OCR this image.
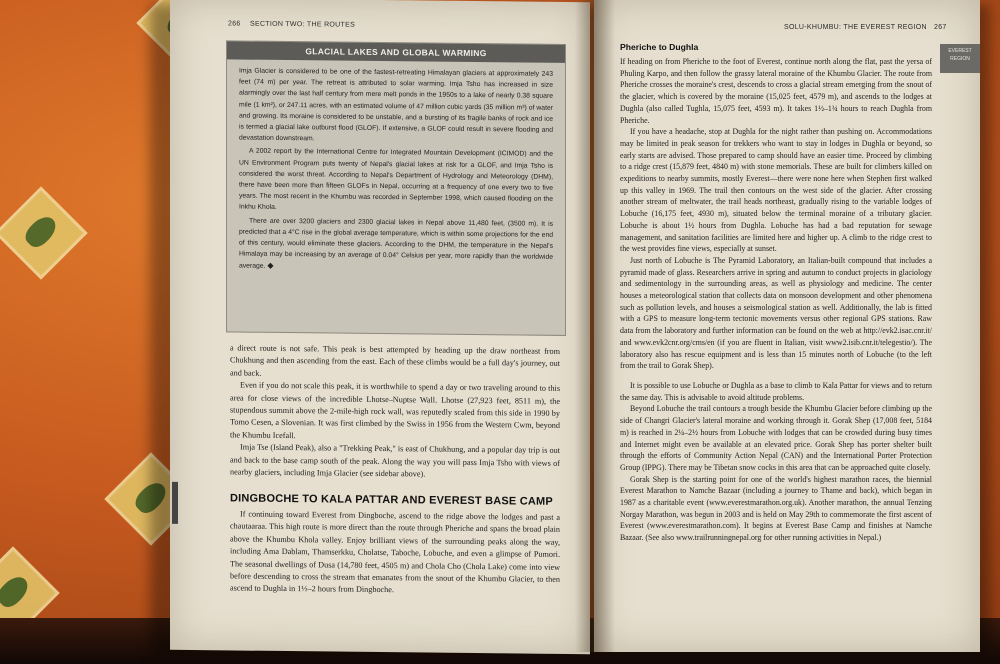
266 SECTION TWO: THE ROUTES
GLACIAL LAKES AND GLOBAL WARMING

Imja Glacier is considered to be one of the fastest-retreating Himalayan glaciers at approximately 243 feet (74 m) per year. The retreat is attributed to solar warming. Imja Tsho has increased in size alarmingly over the last half century from mere melt ponds in the 1950s to a lake of nearly 0.38 square mile (1 km²), or 247.11 acres, with an estimated volume of 47 million cubic yards (35 million m³) of water and growing. Its moraine is considered to be unstable, and a bursting of its fragile banks of rock and ice is termed a glacial lake outburst flood (GLOF). If extensive, a GLOF could result in severe flooding and devastation downstream.

A 2002 report by the International Centre for Integrated Mountain Development (ICIMOD) and the UN Environment Program puts twenty of Nepal's glacial lakes at risk for a GLOF, and Imja Tsho is considered the worst threat. According to Nepal's Department of Hydrology and Meteorology (DHM), there have been more than fifteen GLOFs in Nepal, occurring at a frequency of one every two to five years. The most recent in the Khumbu was recorded in September 1998, which caused flooding on the Inkhu Khola.

There are over 3200 glaciers and 2300 glacial lakes in Nepal above 11,480 feet, (3500 m). It is predicted that a 4°C rise in the global average temperature, which is within some projections for the end of this century, would eliminate these glaciers. According to the DHM, the temperature in the Nepal's Himalaya may be increasing by an average of 0.04° Celsius per year, more rapidly than the worldwide average. ◆

a direct route is not safe. This peak is best attempted by heading up the draw northeast from Chukhung and then ascending from the east. Each of these climbs would be a full day's journey, out and back.

Even if you do not scale this peak, it is worthwhile to spend a day or two traveling around to this area for close views of the incredible Lhotse–Nuptse Wall. Lhotse (27,923 feet, 8511 m), the stupendous summit above the 2-mile-high rock wall, was reputedly scaled from this side in 1990 by Tomo Cesen, a Slovenian. It was first climbed by the Swiss in 1956 from the Western Cwm, beyond the Khumbu Icefall.

Imja Tse (Island Peak), also a "Trekking Peak," is east of Chukhung, and a popular day trip is out and back to the base camp south of the peak. Along the way you will pass Imja Tsho with views of nearby glaciers, including Imja Glacier (see sidebar above).

DINGBOCHE TO KALA PATTAR AND EVEREST BASE CAMP

If continuing toward Everest from Dingboche, ascend to the ridge above the lodges and past a chautaaraa. This high route is more direct than the route through Pheriche and spans the broad plain above the Khumbu Khola valley. Enjoy brilliant views of the surrounding peaks along the way, including Ama Dablam, Thamserkku, Cholatse, Taboche, Lobuche, and even a glimpse of Pumori. The seasonal dwellings of Dusa (14,780 feet, 4505 m) and Chola Cho (Chola Lake) come into view before descending to cross the stream that emanates from the snout of the Khumbu Glacier, to then ascend to Dughla in 1½–2 hours from Dingboche.

SOLU-KHUMBU: THE EVEREST REGION 267
EVEREST REGION
Pheriche to Dughla

If heading on from Pheriche to the foot of Everest, continue north along the flat, past the yersa of Phuling Karpo, and then follow the grassy lateral moraine of the Khumbu Glacier. The route from Pheriche crosses the moraine's crest, descends to cross a glacial stream emerging from the snout of the glacier, which is covered by the moraine (15,025 feet, 4579 m), and ascends to the lodges at Dughla (also called Tughla, 15,075 feet, 4593 m). It takes 1½–1¾ hours to reach Dughla from Pheriche.

If you have a headache, stop at Dughla for the night rather than pushing on. Accommodations may be limited in peak season for trekkers who want to stay in lodges in Dughla or beyond, so early starts are advised. Those prepared to camp should have an easier time. Proceed by climbing to a ridge crest (15,879 feet, 4840 m) with stone memorials. These are built for climbers killed on expeditions to nearby summits, mostly Everest—there were none here when Stephen first walked up this valley in 1969. The trail then contours on the west side of the glacier. After crossing another stream of meltwater, the trail heads northeast, gradually rising to the variable lodges of Lobuche (16,175 feet, 4930 m), situated below the terminal moraine of a tributary glacier. Lobuche is about 1½ hours from Dughla. Lobuche has had a bad reputation for sewage management, and sanitation facilities are limited here and higher up. A climb to the ridge crest to the west provides fine views, especially at sunset.

Just north of Lobuche is The Pyramid Laboratory, an Italian-built compound that includes a pyramid made of glass. Researchers arrive in spring and autumn to conduct projects in glaciology and sedimentology in the surrounding areas, as well as physiology and medicine. The center houses a meteorological station that collects data on monsoon development and other phenomena such as pollution levels, and houses a seismological station as well. Additionally, the lab is fitted with a GPS to measure long-term tectonic movements versus other regional GPS stations. Raw data from the laboratory and further information can be found on the web at http://evk2.isac.cnr.it/ and www.evk2cnr.org/cms/en (if you are fluent in Italian, visit www2.isib.cnr.it/telegestio/). The laboratory also has rescue equipment and is less than 15 minutes north of Lobuche (to the left from the trail to Gorak Shep).

It is possible to use Lobuche or Dughla as a base to climb to Kala Pattar for views and to return the same day. This is advisable to avoid altitude problems.

Beyond Lobuche the trail contours a trough beside the Khumbu Glacier before climbing up the side of Changri Glacier's lateral moraine and working through it. Gorak Shep (17,008 feet, 5184 m) is reached in 2¼–2½ hours from Lobuche with lodges that can be crowded during busy times and Internet might even be available at an elevated price. Gorak Shep has porter shelter built through the efforts of Community Action Nepal (CAN) and the International Porter Protection Group (IPPG). There may be Tibetan snow cocks in this area that can be approached quite closely.

Gorak Shep is the starting point for one of the world's highest marathon races, the biennial Everest Marathon to Namche Bazaar (including a journey to Thame and back), which began in 1987 as a charitable event (www.everestmarathon.org.uk). Another marathon, the annual Tenzing Norgay Marathon, was begun in 2003 and is held on May 29th to commemorate the first ascent of Everest (www.everestmarathon.com). It begins at Everest Base Camp and finishes at Namche Bazaar. (See also www.trailrunningnepal.org for other running activities in Nepal.)
